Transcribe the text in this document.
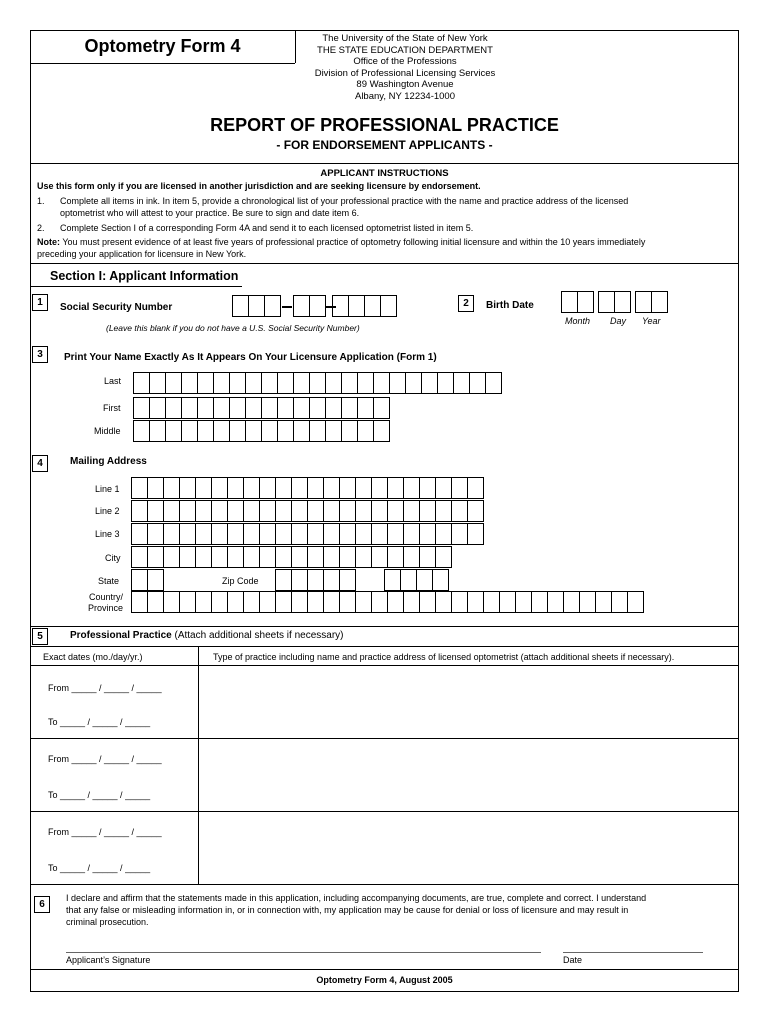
Optometry Form 4	The University of the State of New York
THE STATE EDUCATION DEPARTMENT
Office of the Professions
Division of Professional Licensing Services
89 Washington Avenue
Albany, NY 12234-1000
REPORT OF PROFESSIONAL PRACTICE
- FOR ENDORSEMENT APPLICANTS -
APPLICANT INSTRUCTIONS
Use this form only if you are licensed in another jurisdiction and are seeking licensure by endorsement.
1. Complete all items in ink. In item 5, provide a chronological list of your professional practice with the name and practice address of the licensed
optometrist who will attest to your practice. Be sure to sign and date item 6.
2. Complete Section I of a corresponding Form 4A and send it to each licensed optometrist listed in item 5.
Note: You must present evidence of at least five years of professional practice of optometry following initial licensure and within the 10 years immediately
preceding your application for licensure in New York.
Section I: Applicant Information
1	Social Security Number
(Leave this blank if you do not have a U.S. Social Security Number)
2	Birth Date
Month Day Year
3	Print Your Name Exactly As It Appears On Your Licensure Application (Form 1)
Last
First
Middle
4	Mailing Address
Line 1
Line 2
Line 3
City
State	Zip Code
Country/
Province
5	Professional Practice (Attach additional sheets if necessary)
Exact dates (mo./day/yr.)	Type of practice including name and practice address of licensed optometrist (attach additional sheets if necessary).
From _____ / _____ / _____
To _____ / _____ / _____
From _____ / _____ / _____
To _____ / _____ / _____
From _____ / _____ / _____
To _____ / _____ / _____
6
I declare and affirm that the statements made in this application, including accompanying documents, are true, complete and correct. I understand
that any false or misleading information in, or in connection with, my application may be cause for denial or loss of licensure and may result in
criminal prosecution.
Applicant’s Signature	Date
Optometry Form 4, August 2005
